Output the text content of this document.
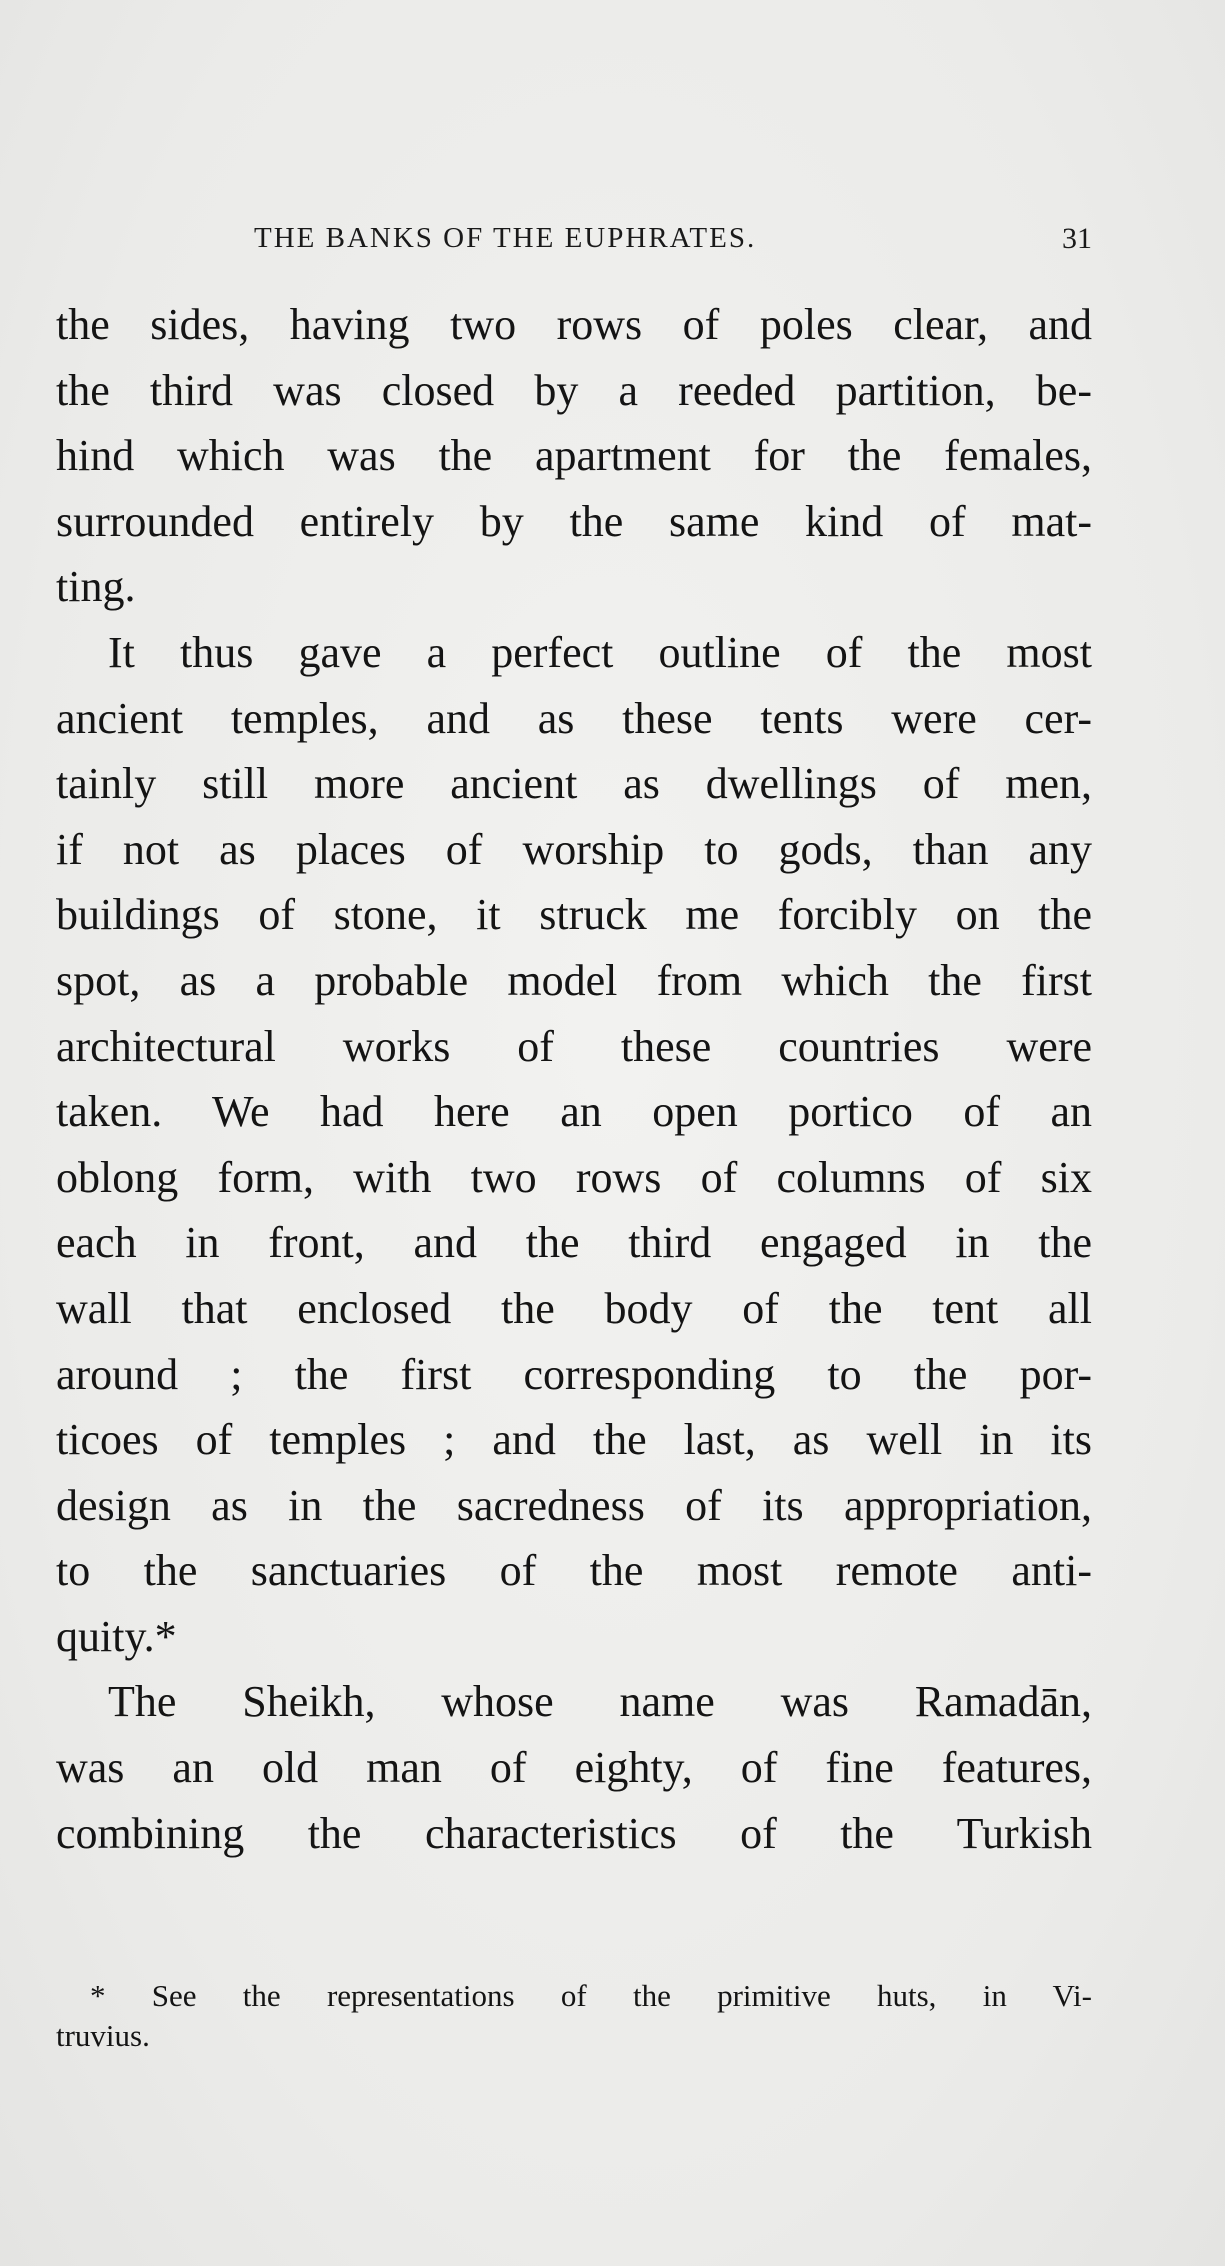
THE BANKS OF THE EUPHRATES.	31
the sides, having two rows of poles clear, and
the third was closed by a reeded partition, be-
hind which was the apartment for the females,
surrounded entirely by the same kind of mat-
ting.
It thus gave a perfect outline of the most
ancient temples, and as these tents were cer-
tainly still more ancient as dwellings of men,
if not as places of worship to gods, than any
buildings of stone, it struck me forcibly on the
spot, as a probable model from which the first
architectural works of these countries were
taken. We had here an open portico of an
oblong form, with two rows of columns of six
each in front, and the third engaged in the
wall that enclosed the body of the tent all
around ; the first corresponding to the por-
ticoes of temples ; and the last, as well in its
design as in the sacredness of its appropriation,
to the sanctuaries of the most remote anti-
quity.*
The Sheikh, whose name was Ramadān,
was an old man of eighty, of fine features,
combining the characteristics of the Turkish
* See the representations of the primitive huts, in Vi-
truvius.
